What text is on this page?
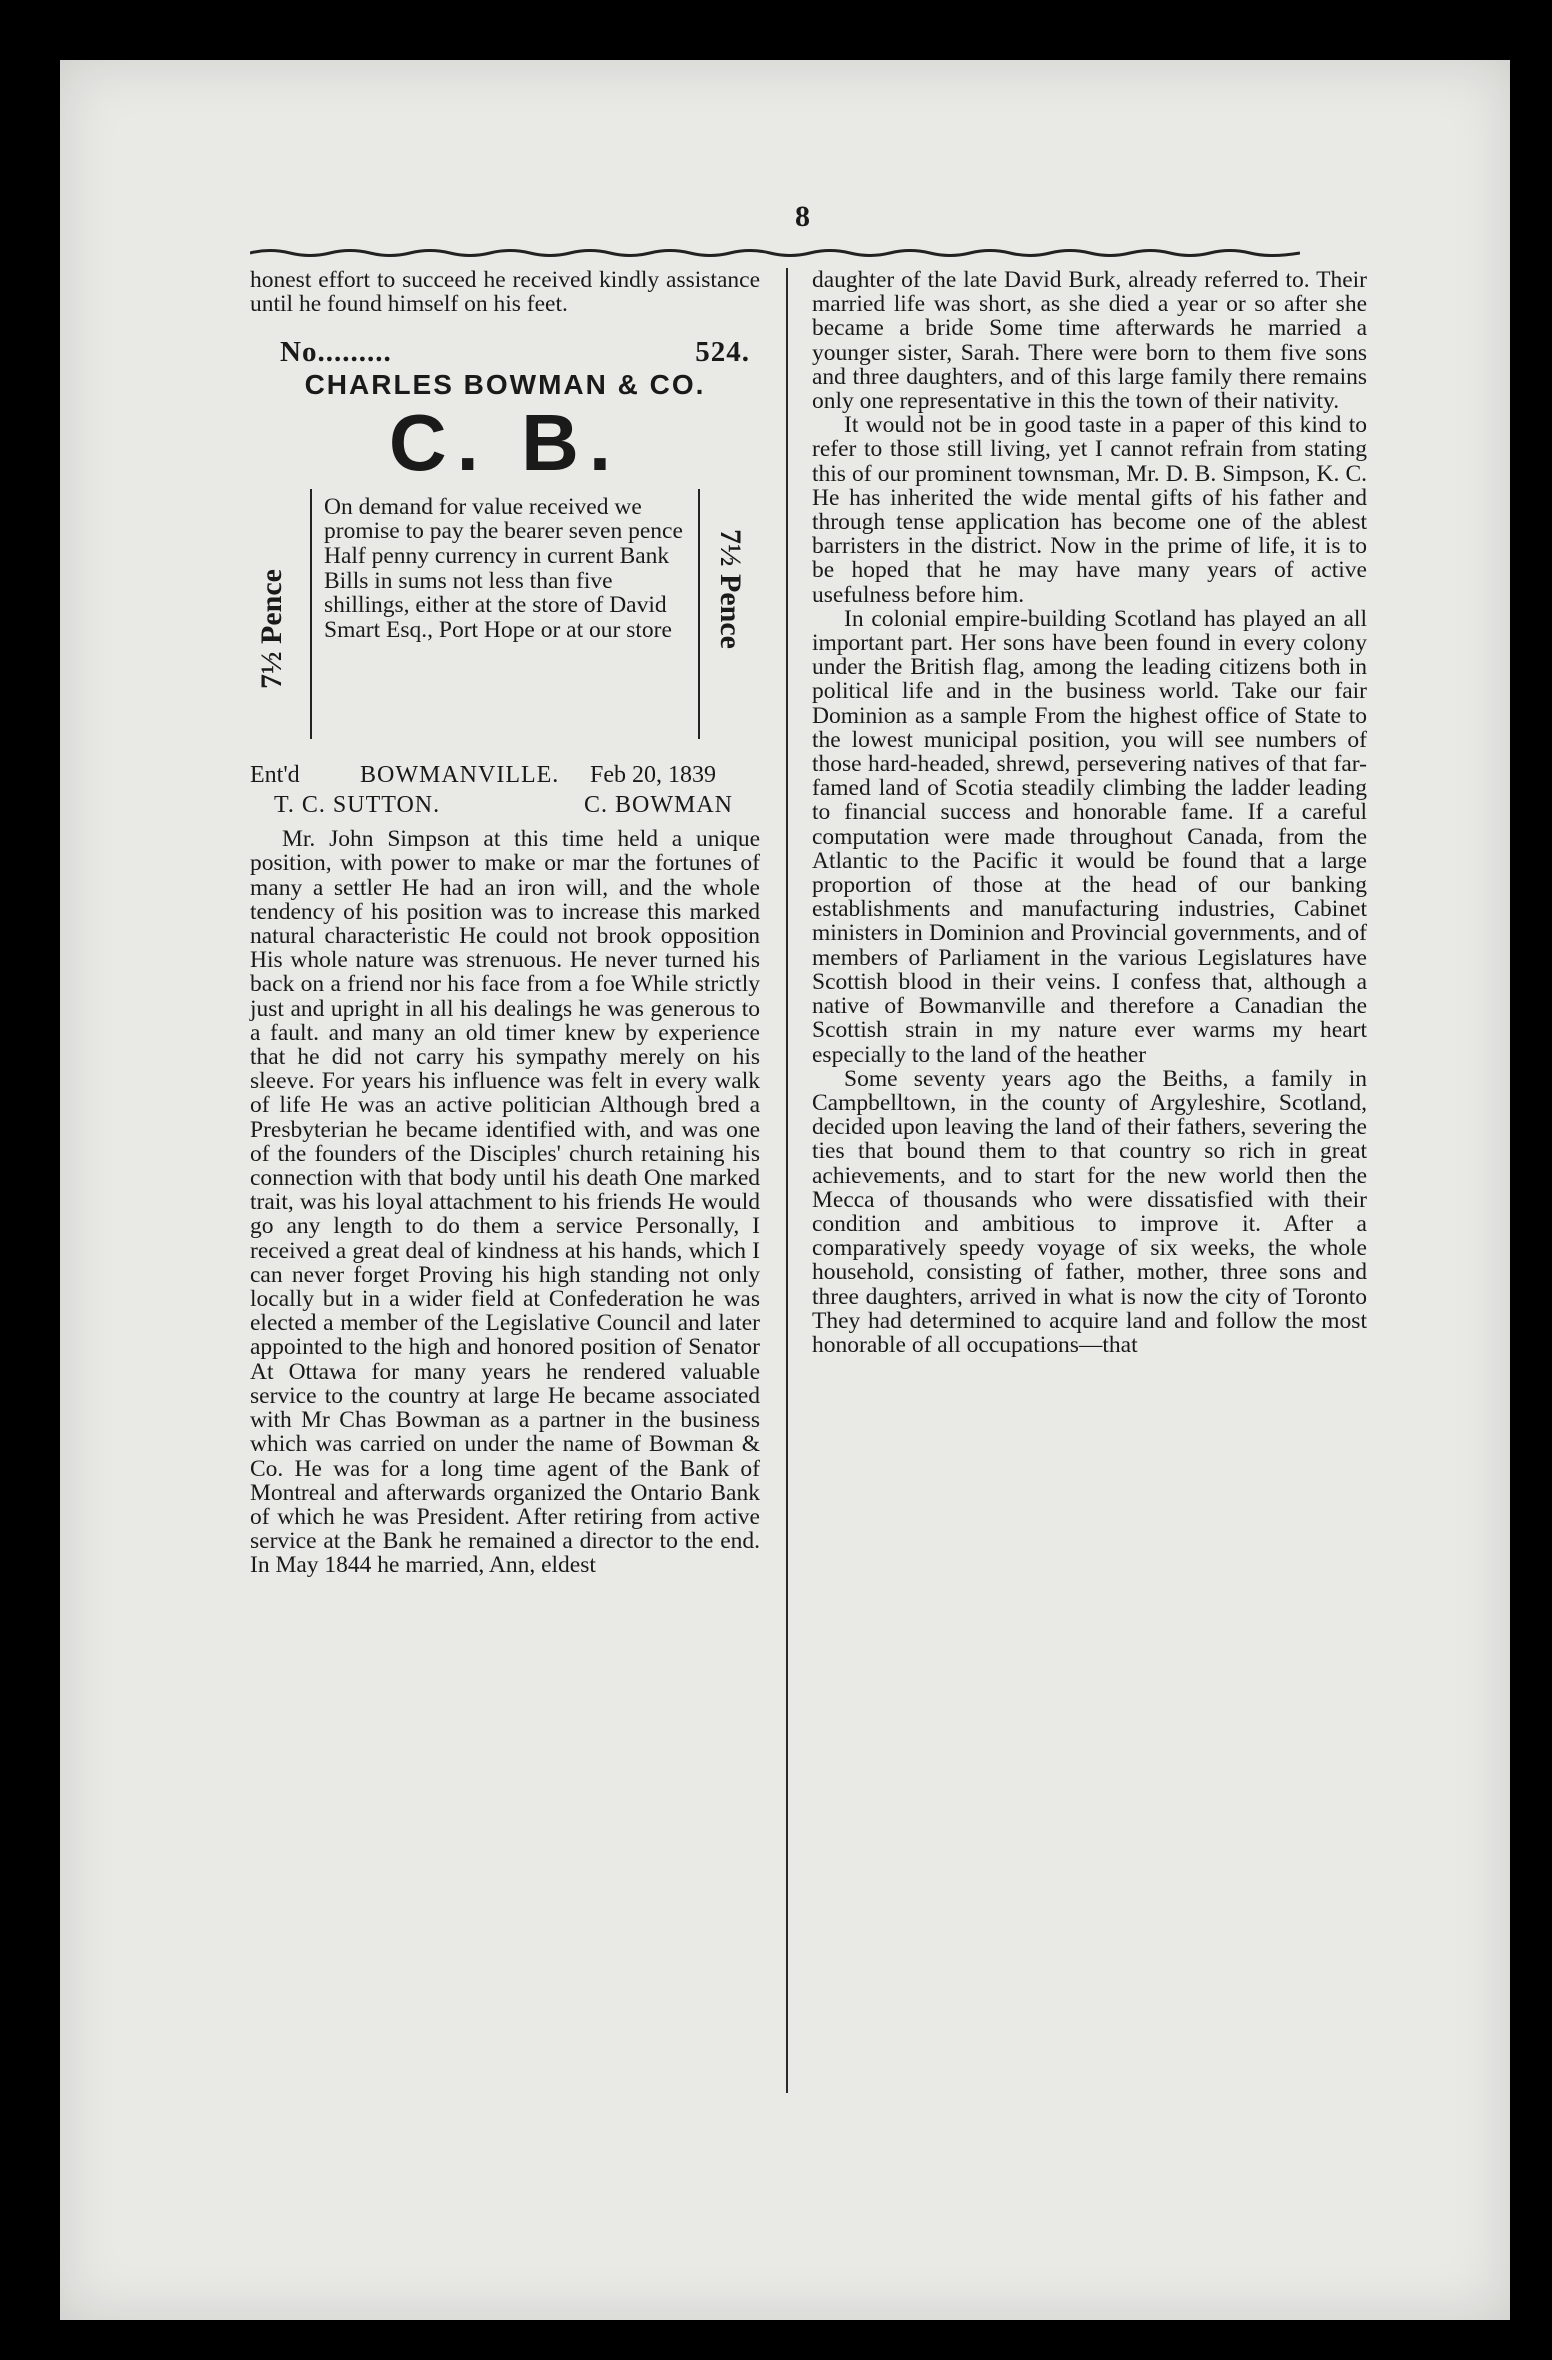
8

honest effort to succeed he received kindly assistance until he found himself on his feet.

No.........	524.
CHARLES BOWMAN & CO.
C. B.
7½ Pence
On demand for value received we promise to pay the bearer seven pence Half penny currency in current Bank Bills in sums not less than five shillings, either at the store of David Smart Esq., Port Hope or at our store	7½ Pence
Ent'd	BOWMANVILLE.	Feb 20, 1839
T. C. SUTTON.	C. BOWMAN

Mr. John Simpson at this time held a unique position, with power to make or mar the fortunes of many a settler He had an iron will, and the whole tendency of his position was to increase this marked natural characteristic He could not brook opposition His whole nature was strenuous. He never turned his back on a friend nor his face from a foe While strictly just and upright in all his dealings he was generous to a fault. and many an old timer knew by experience that he did not carry his sympathy merely on his sleeve. For years his influence was felt in every walk of life He was an active politician Although bred a Presbyterian he became identified with, and was one of the founders of the Disciples' church retaining his connection with that body until his death One marked trait, was his loyal attachment to his friends He would go any length to do them a service Personally, I received a great deal of kindness at his hands, which I can never forget Proving his high standing not only locally but in a wider field at Confederation he was elected a member of the Legislative Council and later appointed to the high and honored position of Senator At Ottawa for many years he rendered valuable service to the country at large He became associated with Mr Chas Bowman as a partner in the business which was carried on under the name of Bowman & Co. He was for a long time agent of the Bank of Montreal and afterwards organized the Ontario Bank of which he was President. After retiring from active service at the Bank he remained a director to the end. In May 1844 he married, Ann, eldest

daughter of the late David Burk, already referred to. Their married life was short, as she died a year or so after she became a bride Some time afterwards he married a younger sister, Sarah. There were born to them five sons and three daughters, and of this large family there remains only one representative in this the town of their nativity.

It would not be in good taste in a paper of this kind to refer to those still living, yet I cannot refrain from stating this of our prominent townsman, Mr. D. B. Simpson, K. C. He has inherited the wide mental gifts of his father and through tense application has become one of the ablest barristers in the district. Now in the prime of life, it is to be hoped that he may have many years of active usefulness before him.

In colonial empire-building Scotland has played an all important part. Her sons have been found in every colony under the British flag, among the leading citizens both in political life and in the business world. Take our fair Dominion as a sample From the highest office of State to the lowest municipal position, you will see numbers of those hard-headed, shrewd, persevering natives of that far-famed land of Scotia steadily climbing the ladder leading to financial success and honorable fame. If a careful computation were made throughout Canada, from the Atlantic to the Pacific it would be found that a large proportion of those at the head of our banking establishments and manufacturing industries, Cabinet ministers in Dominion and Provincial governments, and of members of Parliament in the various Legislatures have Scottish blood in their veins. I confess that, although a native of Bowmanville and therefore a Canadian the Scottish strain in my nature ever warms my heart especially to the land of the heather

Some seventy years ago the Beiths, a family in Campbelltown, in the county of Argyleshire, Scotland, decided upon leaving the land of their fathers, severing the ties that bound them to that country so rich in great achievements, and to start for the new world then the Mecca of thousands who were dissatisfied with their condition and ambitious to improve it. After a comparatively speedy voyage of six weeks, the whole household, consisting of father, mother, three sons and three daughters, arrived in what is now the city of Toronto They had determined to acquire land and follow the most honorable of all occupations—that
